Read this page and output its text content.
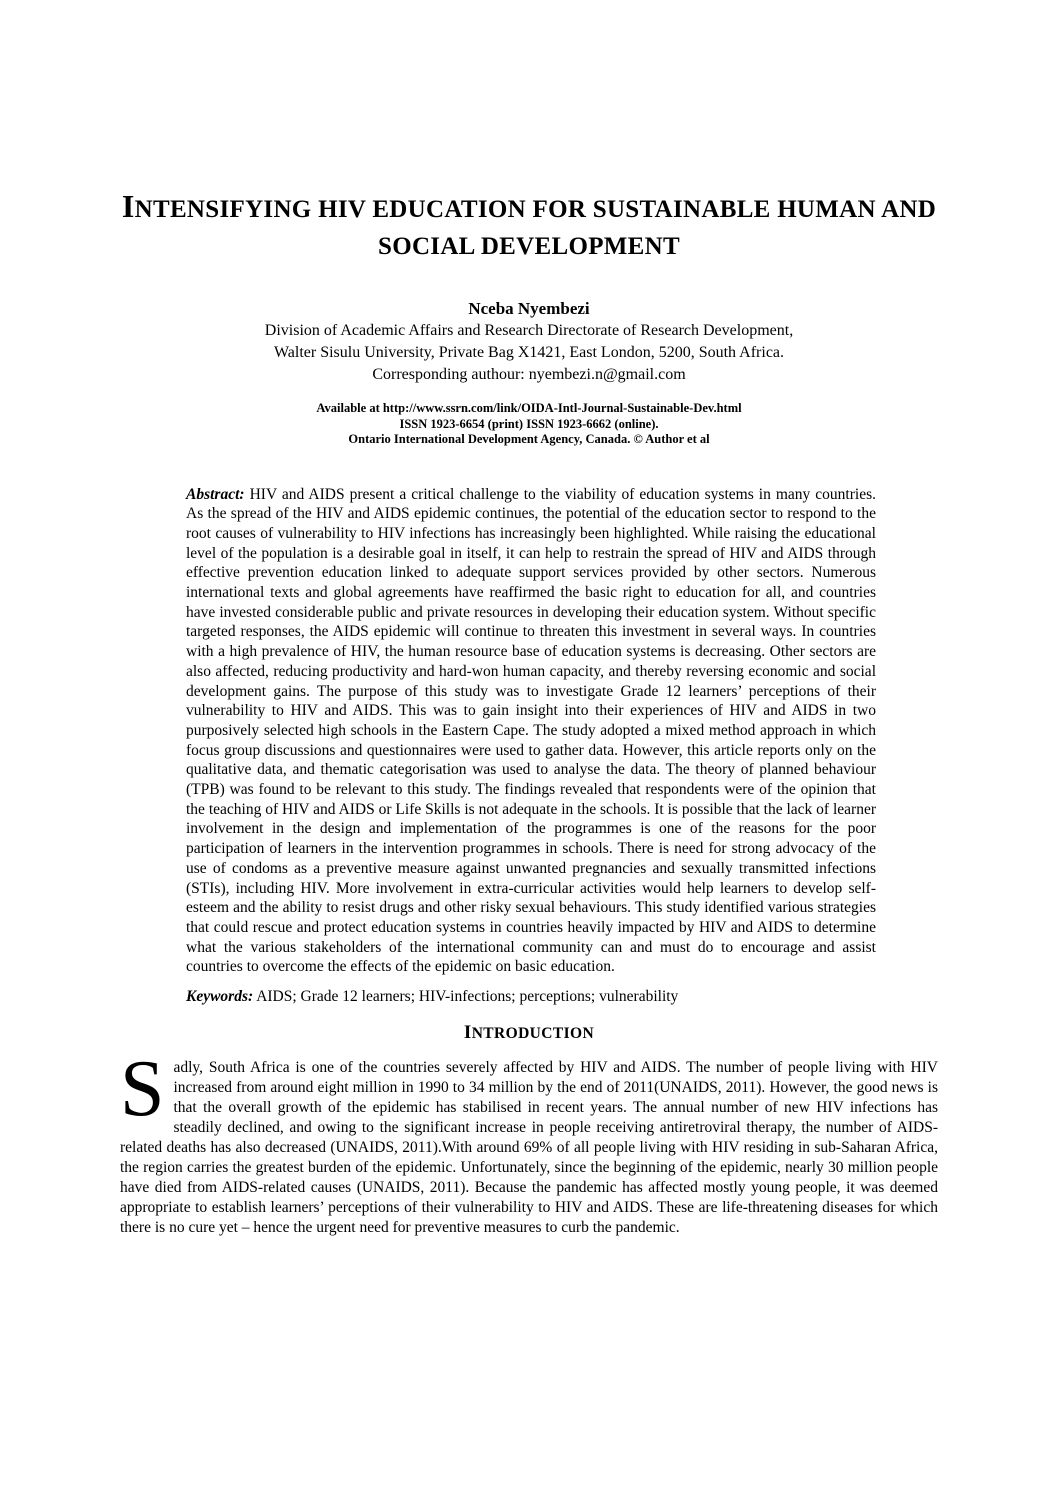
INTENSIFYING HIV EDUCATION FOR SUSTAINABLE HUMAN AND SOCIAL DEVELOPMENT
Nceba Nyembezi
Division of Academic Affairs and Research Directorate of Research Development,
Walter Sisulu University, Private Bag X1421, East London, 5200, South Africa.
Corresponding authour: nyembezi.n@gmail.com
Available at http://www.ssrn.com/link/OIDA-Intl-Journal-Sustainable-Dev.html
ISSN 1923-6654 (print) ISSN 1923-6662 (online).
Ontario International Development Agency, Canada. © Author et al

Abstract: HIV and AIDS present a critical challenge to the viability of education systems in many countries. As the spread of the HIV and AIDS epidemic continues, the potential of the education sector to respond to the root causes of vulnerability to HIV infections has increasingly been highlighted. While raising the educational level of the population is a desirable goal in itself, it can help to restrain the spread of HIV and AIDS through effective prevention education linked to adequate support services provided by other sectors. Numerous international texts and global agreements have reaffirmed the basic right to education for all, and countries have invested considerable public and private resources in developing their education system. Without specific targeted responses, the AIDS epidemic will continue to threaten this investment in several ways. In countries with a high prevalence of HIV, the human resource base of education systems is decreasing. Other sectors are also affected, reducing productivity and hard-won human capacity, and thereby reversing economic and social development gains. The purpose of this study was to investigate Grade 12 learners’ perceptions of their vulnerability to HIV and AIDS. This was to gain insight into their experiences of HIV and AIDS in two purposively selected high schools in the Eastern Cape. The study adopted a mixed method approach in which focus group discussions and questionnaires were used to gather data. However, this article reports only on the qualitative data, and thematic categorisation was used to analyse the data. The theory of planned behaviour (TPB) was found to be relevant to this study. The findings revealed that respondents were of the opinion that the teaching of HIV and AIDS or Life Skills is not adequate in the schools. It is possible that the lack of learner involvement in the design and implementation of the programmes is one of the reasons for the poor participation of learners in the intervention programmes in schools. There is need for strong advocacy of the use of condoms as a preventive measure against unwanted pregnancies and sexually transmitted infections (STIs), including HIV. More involvement in extra-curricular activities would help learners to develop self-esteem and the ability to resist drugs and other risky sexual behaviours. This study identified various strategies that could rescue and protect education systems in countries heavily impacted by HIV and AIDS to determine what the various stakeholders of the international community can and must do to encourage and assist countries to overcome the effects of the epidemic on basic education.

Keywords: AIDS; Grade 12 learners; HIV-infections; perceptions; vulnerability

INTRODUCTION

Sadly, South Africa is one of the countries severely affected by HIV and AIDS. The number of people living with HIV increased from around eight million in 1990 to 34 million by the end of 2011(UNAIDS, 2011). However, the good news is that the overall growth of the epidemic has stabilised in recent years. The annual number of new HIV infections has steadily declined, and owing to the significant increase in people receiving antiretroviral therapy, the number of AIDS-related deaths has also decreased (UNAIDS, 2011).With around 69% of all people living with HIV residing in sub-Saharan Africa, the region carries the greatest burden of the epidemic. Unfortunately, since the beginning of the epidemic, nearly 30 million people have died from AIDS-related causes (UNAIDS, 2011). Because the pandemic has affected mostly young people, it was deemed appropriate to establish learners’ perceptions of their vulnerability to HIV and AIDS. These are life-threatening diseases for which there is no cure yet – hence the urgent need for preventive measures to curb the pandemic.
